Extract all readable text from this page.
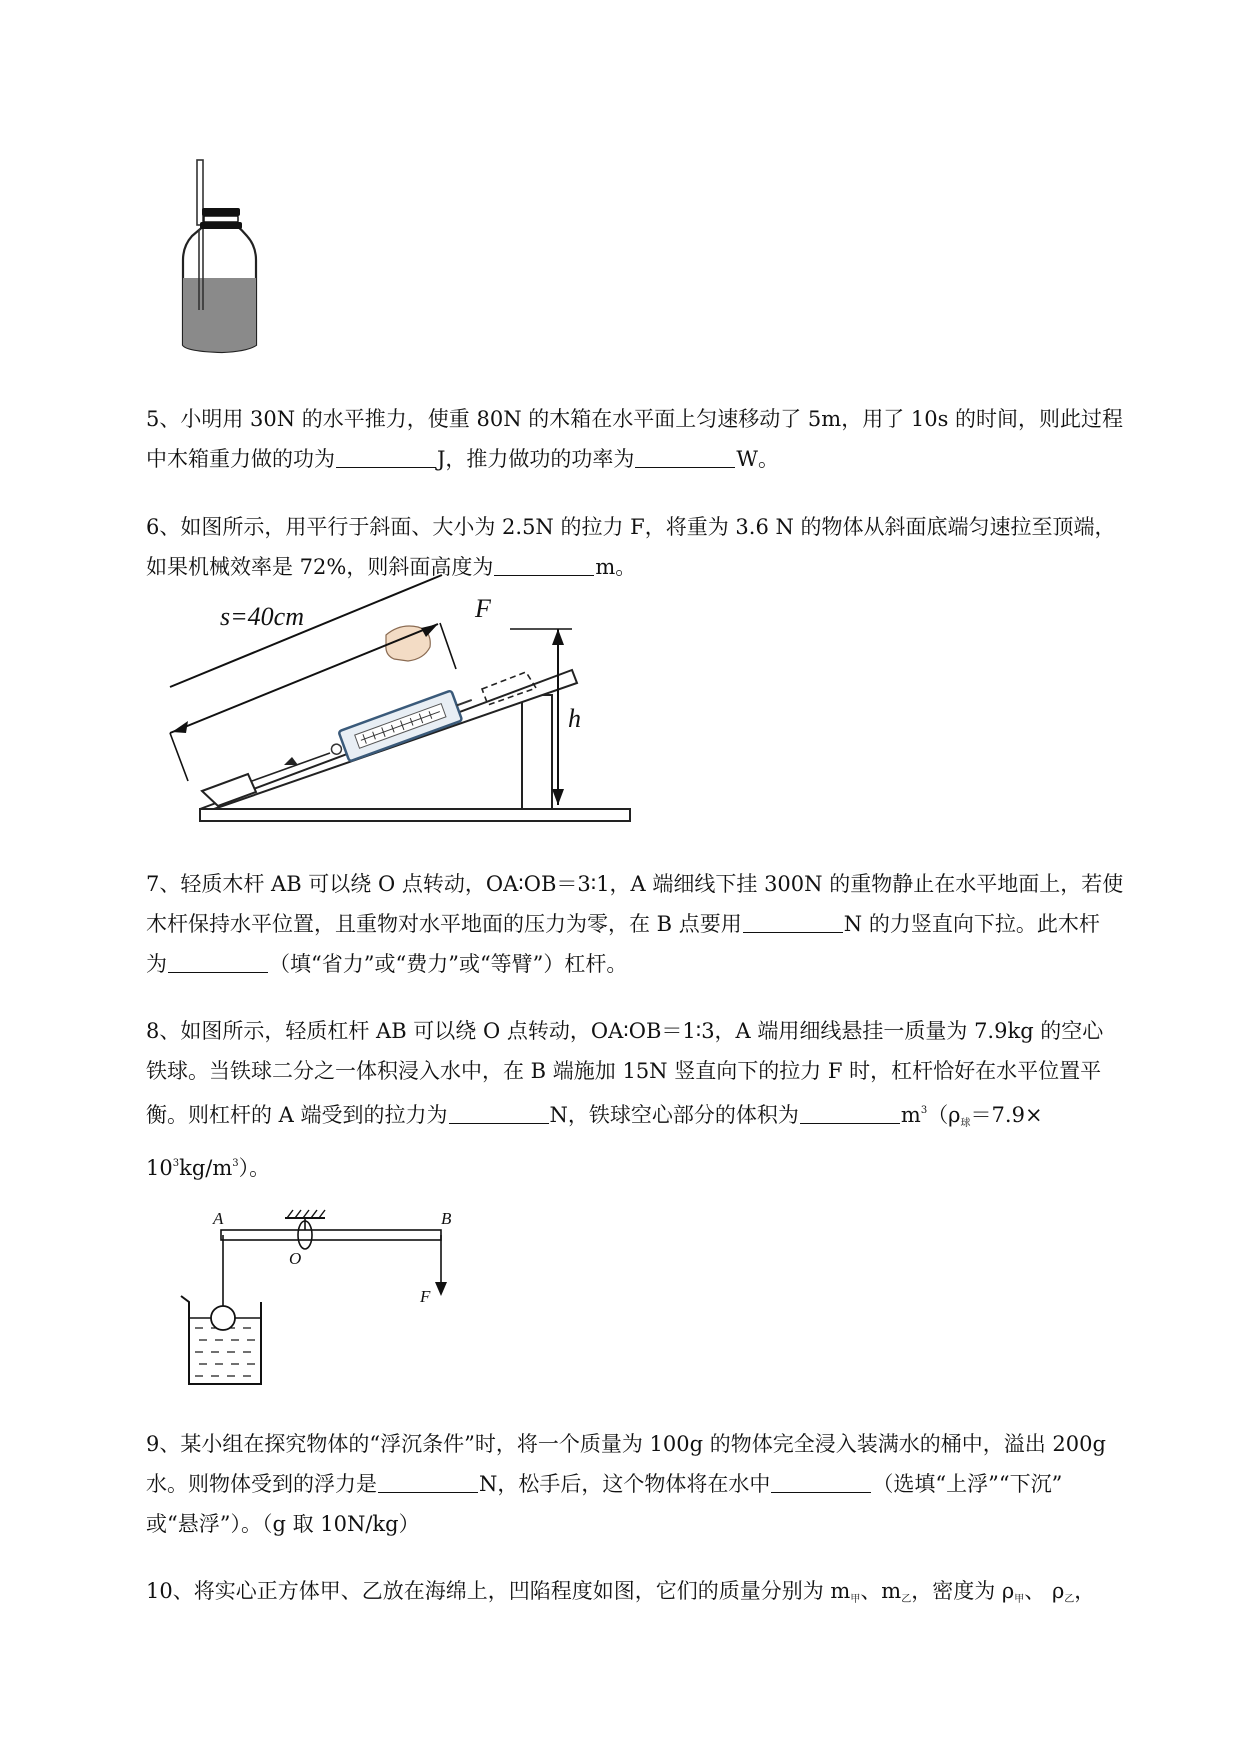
5、小明用 30N 的水平推力，使重 80N 的木箱在水平面上匀速移动了 5m，用了 10s 的时间，则此过程

中木箱重力做的功为	J，推力做功的功率为	W。

6、如图所示，用平行于斜面、大小为 2.5N 的拉力 F，将重为 3.6 N 的物体从斜面底端匀速拉至顶端，

如果机械效率是 72%，则斜面高度为	m。

s=40cm	F
h

7、轻质木杆 AB 可以绕 O 点转动，OA∶OB＝3∶1，A 端细线下挂 300N 的重物静止在水平地面上，若使

木杆保持水平位置，且重物对水平地面的压力为零，在 B 点要用	N 的力竖直向下拉。此木杆

为	（填“省力”或“费力”或“等臂”）杠杆。

8、如图所示，轻质杠杆 AB 可以绕 O 点转动，OA∶OB＝1∶3，A 端用细线悬挂一质量为 7.9kg 的空心

铁球。当铁球二分之一体积浸入水中，在 B 端施加 15N 竖直向下的拉力 F 时，杠杆恰好在水平位置平

衡。则杠杆的 A 端受到的拉力为	N，铁球空心部分的体积为	$m^3(\rho_球=7.9\times$

$10^3kg/m^3$）。

A	B
O
F

9、某小组在探究物体的“浮沉条件”时，将一个质量为 100g 的物体完全浸入装满水的桶中，溢出 200g

水。则物体受到的浮力是	N，松手后，这个物体将在水中	（选填“上浮”“下沉”

或“悬浮”）。（g 取 10N/kg）

10、将实心正方体甲、乙放在海绵上，凹陷程度如图，它们的质量分别为 $m_甲$、$m_乙$，密度为 $\rho_甲$、 $\rho_乙$，
